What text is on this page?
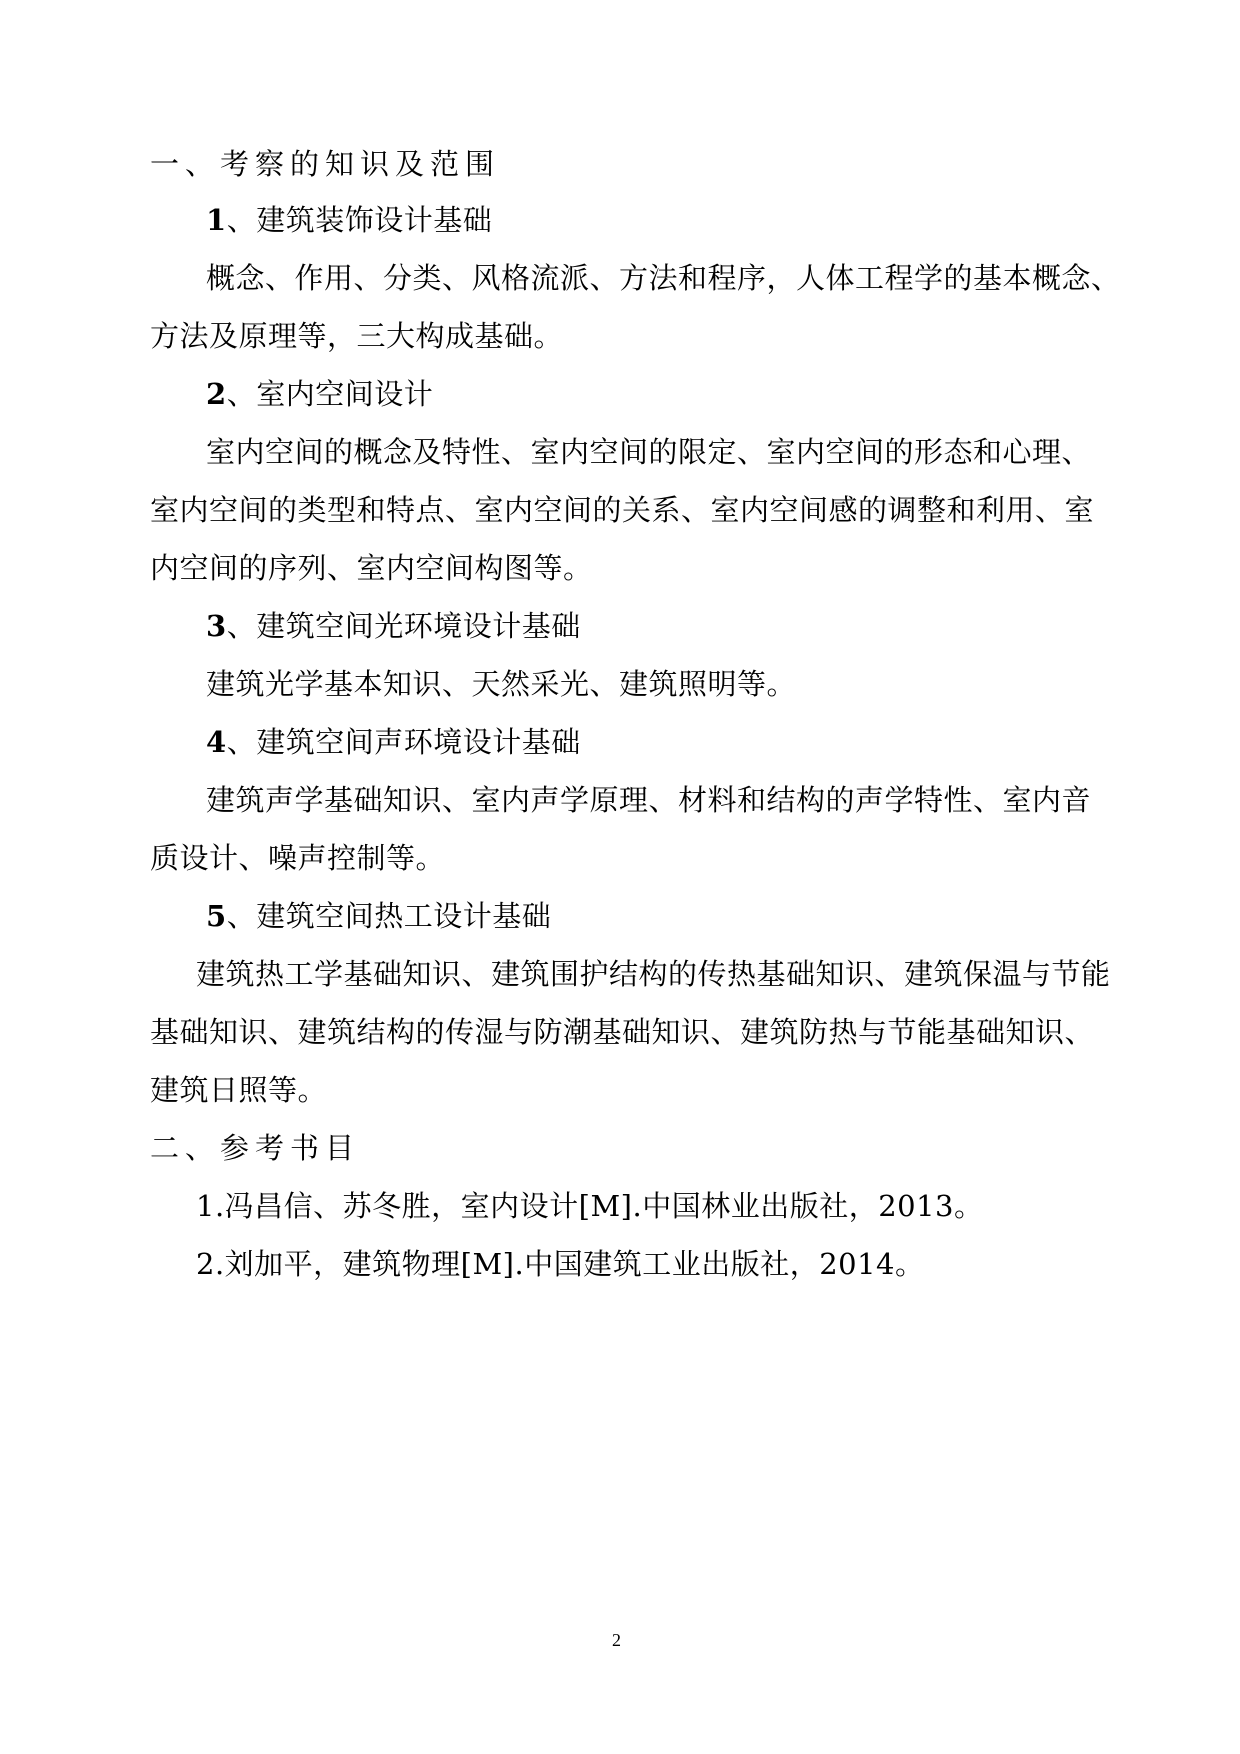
一、考察的知识及范围
1、建筑装饰设计基础
概念、作用、分类、风格流派、方法和程序，人体工程学的基本概念、
方法及原理等，三大构成基础。
2、室内空间设计
室内空间的概念及特性、室内空间的限定、室内空间的形态和心理、
室内空间的类型和特点、室内空间的关系、室内空间感的调整和利用、室
内空间的序列、室内空间构图等。
3、建筑空间光环境设计基础
建筑光学基本知识、天然采光、建筑照明等。
4、建筑空间声环境设计基础
建筑声学基础知识、室内声学原理、材料和结构的声学特性、室内音
质设计、噪声控制等。
5、建筑空间热工设计基础
建筑热工学基础知识、建筑围护结构的传热基础知识、建筑保温与节能
基础知识、建筑结构的传湿与防潮基础知识、建筑防热与节能基础知识、
建筑日照等。
二、参考书目
1.冯昌信、苏冬胜，室内设计[M].中国林业出版社，2013。
2.刘加平，建筑物理[M].中国建筑工业出版社，2014。
2
